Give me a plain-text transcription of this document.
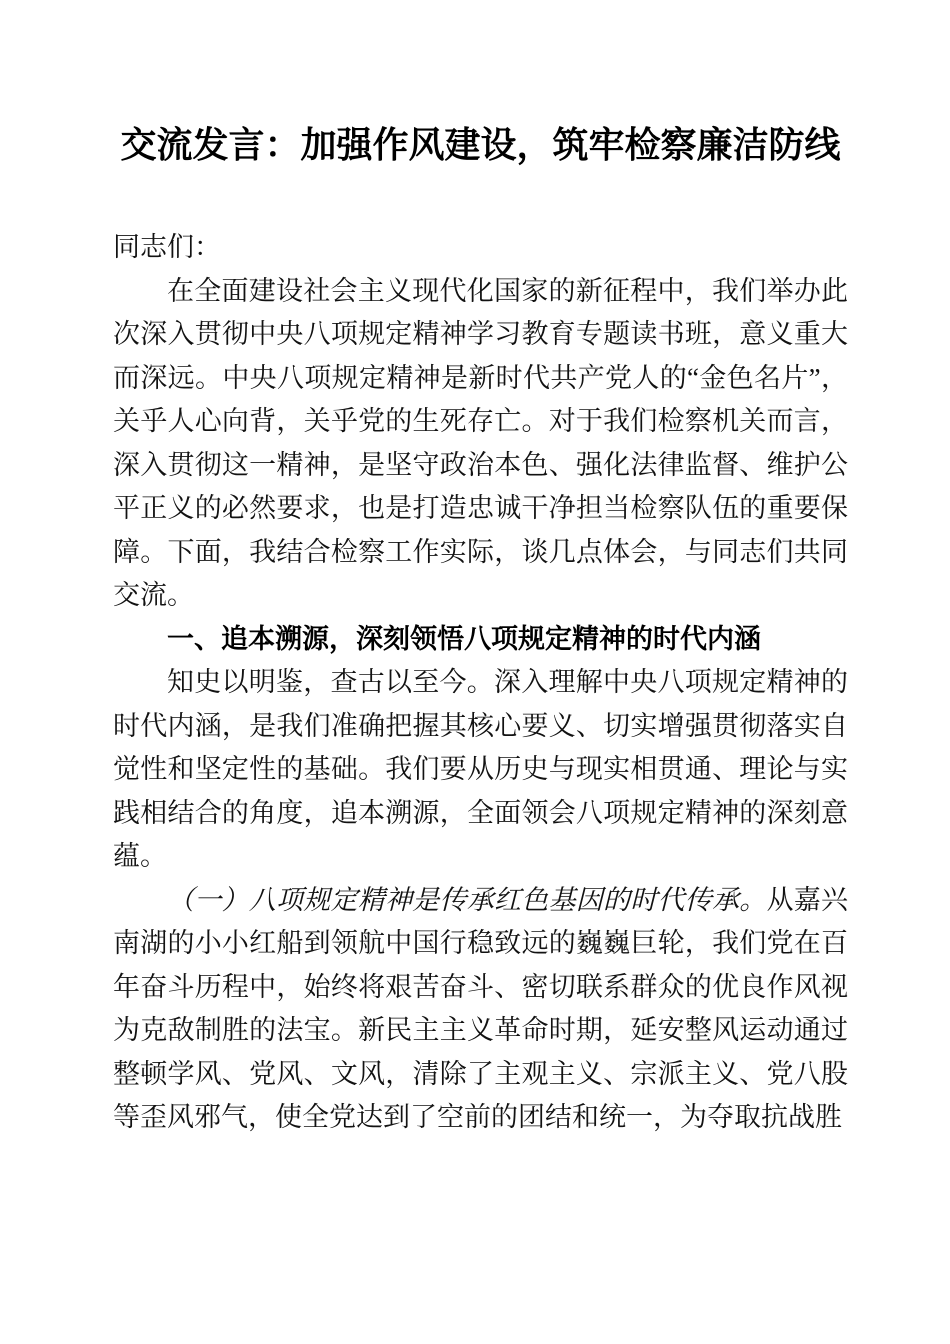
交流发言：加强作风建设，筑牢检察廉洁防线

同志们：

在全面建设社会主义现代化国家的新征程中，我们举办此次深入贯彻中央八项规定精神学习教育专题读书班，意义重大而深远。中央八项规定精神是新时代共产党人的“金色名片”，关乎人心向背，关乎党的生死存亡。对于我们检察机关而言，深入贯彻这一精神，是坚守政治本色、强化法律监督、维护公平正义的必然要求，也是打造忠诚干净担当检察队伍的重要保障。下面，我结合检察工作实际，谈几点体会，与同志们共同交流。

一、追本溯源，深刻领悟八项规定精神的时代内涵

知史以明鉴，查古以至今。深入理解中央八项规定精神的时代内涵，是我们准确把握其核心要义、切实增强贯彻落实自觉性和坚定性的基础。我们要从历史与现实相贯通、理论与实践相结合的角度，追本溯源，全面领会八项规定精神的深刻意蕴。

（一）八项规定精神是传承红色基因的时代传承。从嘉兴南湖的小小红船到领航中国行稳致远的巍巍巨轮，我们党在百年奋斗历程中，始终将艰苦奋斗、密切联系群众的优良作风视为克敌制胜的法宝。新民主主义革命时期，延安整风运动通过整顿学风、党风、文风，清除了主观主义、宗派主义、党八股等歪风邪气，使全党达到了空前的团结和统一，为夺取抗战胜
